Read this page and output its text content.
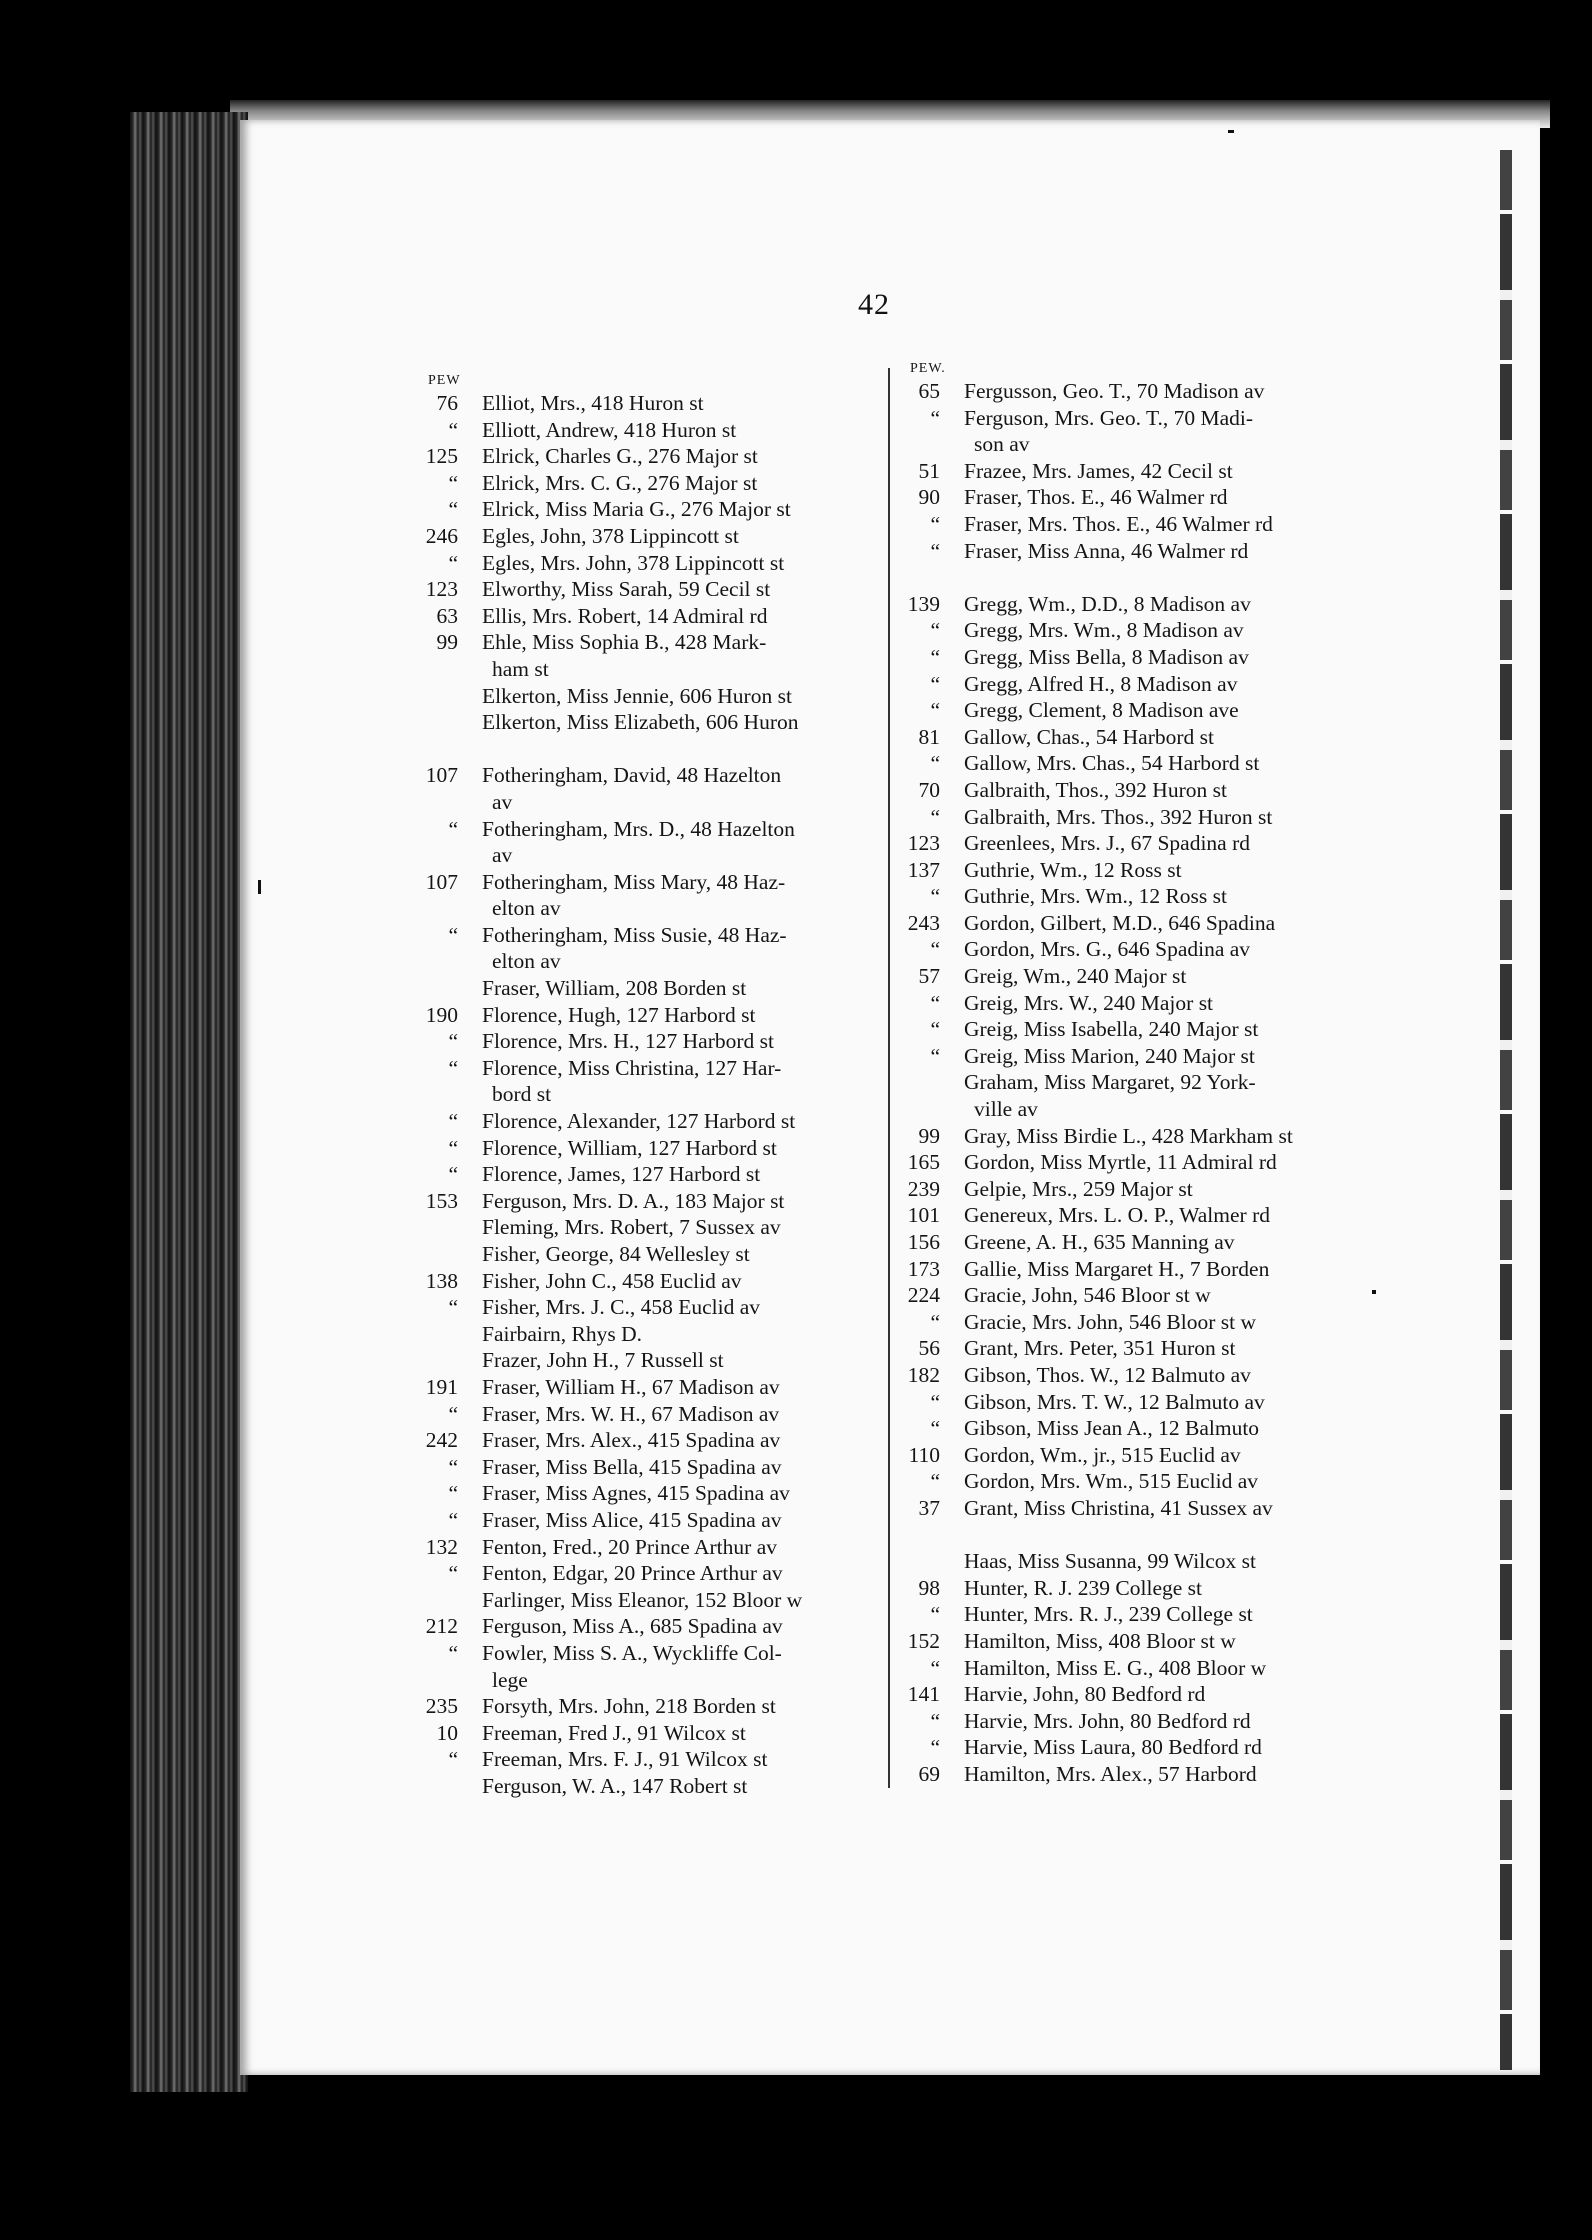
42
PEW
76 Elliot, Mrs., 418 Huron st
“ Elliott, Andrew, 418 Huron st
125 Elrick, Charles G., 276 Major st
“ Elrick, Mrs. C. G., 276 Major st
“ Elrick, Miss Maria G., 276 Major st
246 Egles, John, 378 Lippincott st
“ Egles, Mrs. John, 378 Lippincott st
123 Elworthy, Miss Sarah, 59 Cecil st
63 Ellis, Mrs. Robert, 14 Admiral rd
99 Ehle, Miss Sophia B., 428 Mark-
ham st
Elkerton, Miss Jennie, 606 Huron st
Elkerton, Miss Elizabeth, 606 Huron
107 Fotheringham, David, 48 Hazelton
av
“ Fotheringham, Mrs. D., 48 Hazelton
av
107 Fotheringham, Miss Mary, 48 Haz-
elton av
“ Fotheringham, Miss Susie, 48 Haz-
elton av
Fraser, William, 208 Borden st
190 Florence, Hugh, 127 Harbord st
“ Florence, Mrs. H., 127 Harbord st
“ Florence, Miss Christina, 127 Har-
bord st
“ Florence, Alexander, 127 Harbord st
“ Florence, William, 127 Harbord st
“ Florence, James, 127 Harbord st
153 Ferguson, Mrs. D. A., 183 Major st
Fleming, Mrs. Robert, 7 Sussex av
Fisher, George, 84 Wellesley st
138 Fisher, John C., 458 Euclid av
“ Fisher, Mrs. J. C., 458 Euclid av
Fairbairn, Rhys D.
Frazer, John H., 7 Russell st
191 Fraser, William H., 67 Madison av
“ Fraser, Mrs. W. H., 67 Madison av
242 Fraser, Mrs. Alex., 415 Spadina av
“ Fraser, Miss Bella, 415 Spadina av
“ Fraser, Miss Agnes, 415 Spadina av
“ Fraser, Miss Alice, 415 Spadina av
132 Fenton, Fred., 20 Prince Arthur av
“ Fenton, Edgar, 20 Prince Arthur av
Farlinger, Miss Eleanor, 152 Bloor w
212 Ferguson, Miss A., 685 Spadina av
“ Fowler, Miss S. A., Wyckliffe Col-
lege
235 Forsyth, Mrs. John, 218 Borden st
10 Freeman, Fred J., 91 Wilcox st
“ Freeman, Mrs. F. J., 91 Wilcox st
Ferguson, W. A., 147 Robert st
PEW.
65 Fergusson, Geo. T., 70 Madison av
“ Ferguson, Mrs. Geo. T., 70 Madi-
son av
51 Frazee, Mrs. James, 42 Cecil st
90 Fraser, Thos. E., 46 Walmer rd
“ Fraser, Mrs. Thos. E., 46 Walmer rd
“ Fraser, Miss Anna, 46 Walmer rd
139 Gregg, Wm., D.D., 8 Madison av
“ Gregg, Mrs. Wm., 8 Madison av
“ Gregg, Miss Bella, 8 Madison av
“ Gregg, Alfred H., 8 Madison av
“ Gregg, Clement, 8 Madison ave
81 Gallow, Chas., 54 Harbord st
“ Gallow, Mrs. Chas., 54 Harbord st
70 Galbraith, Thos., 392 Huron st
“ Galbraith, Mrs. Thos., 392 Huron st
123 Greenlees, Mrs. J., 67 Spadina rd
137 Guthrie, Wm., 12 Ross st
“ Guthrie, Mrs. Wm., 12 Ross st
243 Gordon, Gilbert, M.D., 646 Spadina
“ Gordon, Mrs. G., 646 Spadina av
57 Greig, Wm., 240 Major st
“ Greig, Mrs. W., 240 Major st
“ Greig, Miss Isabella, 240 Major st
“ Greig, Miss Marion, 240 Major st
Graham, Miss Margaret, 92 York-
ville av
99 Gray, Miss Birdie L., 428 Markham st
165 Gordon, Miss Myrtle, 11 Admiral rd
239 Gelpie, Mrs., 259 Major st
101 Genereux, Mrs. L. O. P., Walmer rd
156 Greene, A. H., 635 Manning av
173 Gallie, Miss Margaret H., 7 Borden
224 Gracie, John, 546 Bloor st w
“ Gracie, Mrs. John, 546 Bloor st w
56 Grant, Mrs. Peter, 351 Huron st
182 Gibson, Thos. W., 12 Balmuto av
“ Gibson, Mrs. T. W., 12 Balmuto av
“ Gibson, Miss Jean A., 12 Balmuto
110 Gordon, Wm., jr., 515 Euclid av
“ Gordon, Mrs. Wm., 515 Euclid av
37 Grant, Miss Christina, 41 Sussex av
Haas, Miss Susanna, 99 Wilcox st
98 Hunter, R. J. 239 College st
“ Hunter, Mrs. R. J., 239 College st
152 Hamilton, Miss, 408 Bloor st w
“ Hamilton, Miss E. G., 408 Bloor w
141 Harvie, John, 80 Bedford rd
“ Harvie, Mrs. John, 80 Bedford rd
“ Harvie, Miss Laura, 80 Bedford rd
69 Hamilton, Mrs. Alex., 57 Harbord
